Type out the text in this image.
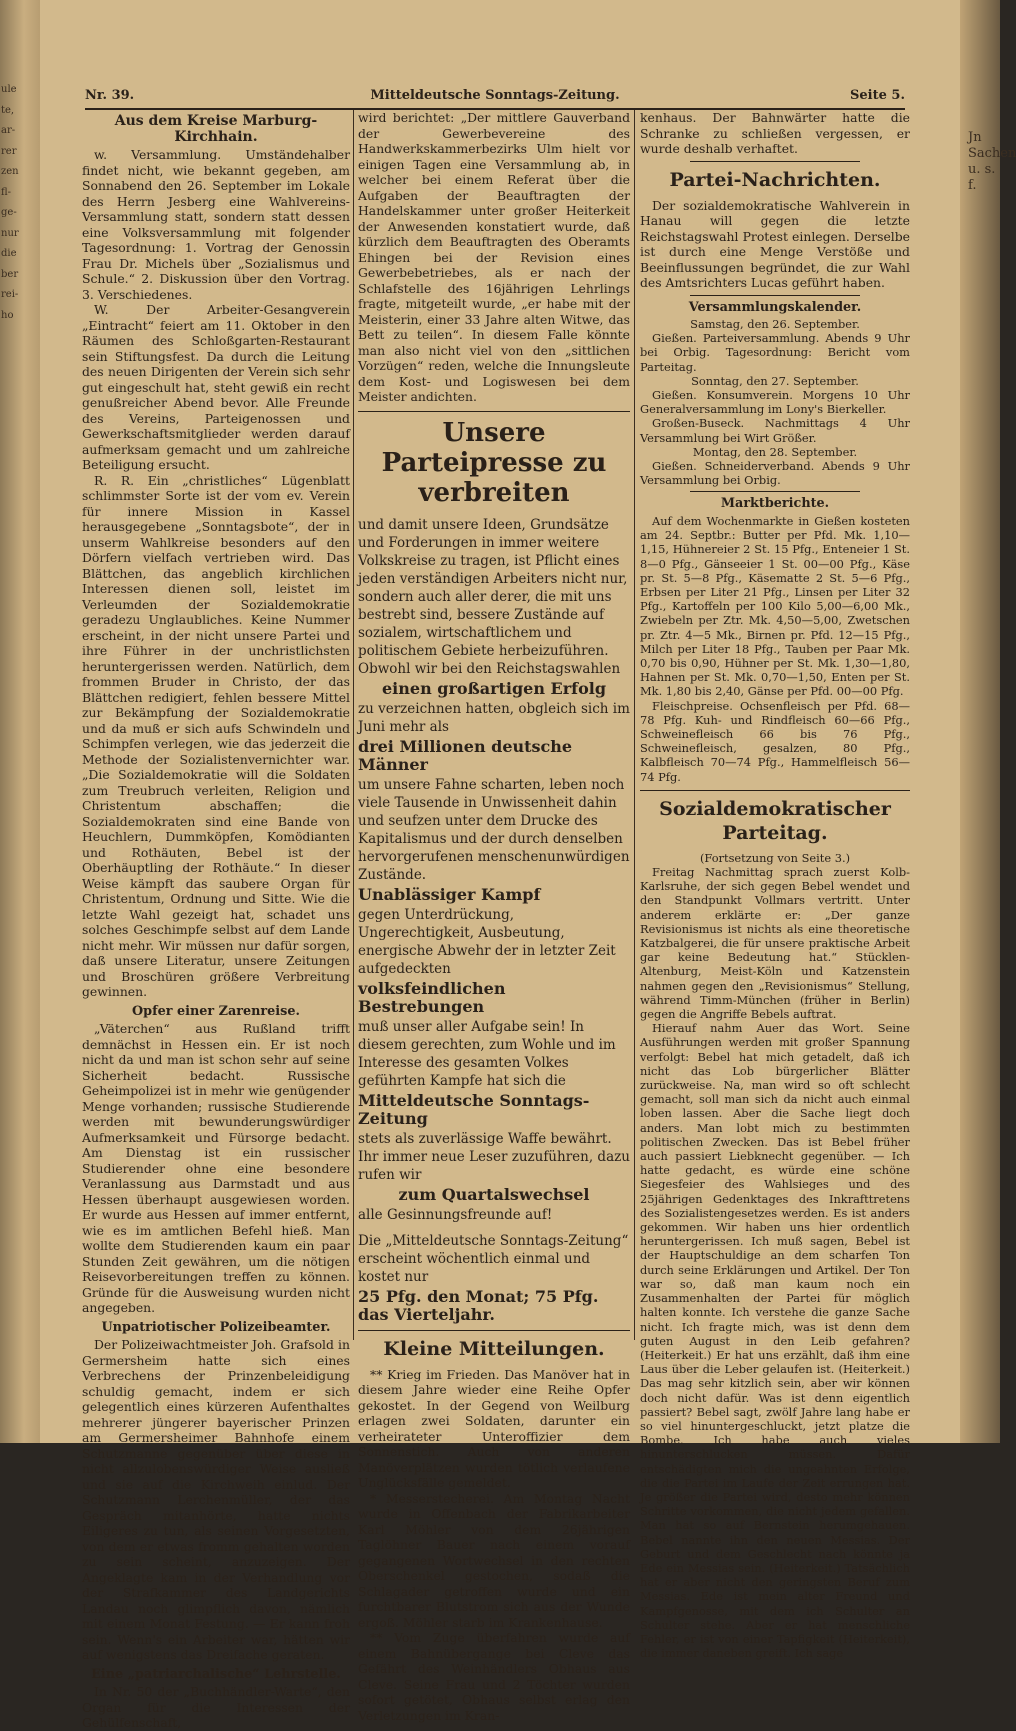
ule
te,
ar-
rer
zen
fl-
ge-
nur
die
ber
rei-
ho
Jn Sachen u. s. f.
Nr. 39.	Mitteldeutsche Sonntags-Zeitung.	Seite 5.
Aus dem Kreise Marburg-Kirchhain.

w. Versammlung. Umständehalber findet nicht, wie bekannt gegeben, am Sonnabend den 26. September im Lokale des Herrn Jesberg eine Wahlvereins-Versammlung statt, sondern statt dessen eine Volksversammlung mit folgender Tagesordnung: 1. Vortrag der Genossin Frau Dr. Michels über „Sozialismus und Schule.“ 2. Diskussion über den Vortrag. 3. Verschiedenes.

W. Der Arbeiter-Gesangverein „Eintracht“ feiert am 11. Oktober in den Räumen des Schloßgarten-Restaurant sein Stiftungsfest. Da durch die Leitung des neuen Dirigenten der Verein sich sehr gut eingeschult hat, steht gewiß ein recht genußreicher Abend bevor. Alle Freunde des Vereins, Parteigenossen und Gewerkschaftsmitglieder werden darauf aufmerksam gemacht und um zahlreiche Beteiligung ersucht.

R. R. Ein „christliches“ Lügenblatt schlimmster Sorte ist der vom ev. Verein für innere Mission in Kassel herausgegebene „Sonntagsbote“, der in unserm Wahlkreise besonders auf den Dörfern vielfach vertrieben wird. Das Blättchen, das angeblich kirchlichen Interessen dienen soll, leistet im Verleumden der Sozialdemokratie geradezu Unglaubliches. Keine Nummer erscheint, in der nicht unsere Partei und ihre Führer in der unchristlichsten heruntergerissen werden. Natürlich, dem frommen Bruder in Christo, der das Blättchen redigiert, fehlen bessere Mittel zur Bekämpfung der Sozialdemokratie und da muß er sich aufs Schwindeln und Schimpfen verlegen, wie das jederzeit die Methode der Sozialistenvernichter war. „Die Sozialdemokratie will die Soldaten zum Treubruch verleiten, Religion und Christentum abschaffen; die Sozialdemokraten sind eine Bande von Heuchlern, Dummköpfen, Komödianten und Rothäuten, Bebel ist der Oberhäuptling der Rothäute.“ In dieser Weise kämpft das saubere Organ für Christentum, Ordnung und Sitte. Wie die letzte Wahl gezeigt hat, schadet uns solches Geschimpfe selbst auf dem Lande nicht mehr. Wir müssen nur dafür sorgen, daß unsere Literatur, unsere Zeitungen und Broschüren größere Verbreitung gewinnen.

Opfer einer Zarenreise.

„Väterchen“ aus Rußland trifft demnächst in Hessen ein. Er ist noch nicht da und man ist schon sehr auf seine Sicherheit bedacht. Russische Geheimpolizei ist in mehr wie genügender Menge vorhanden; russische Studierende werden mit bewunderungswürdiger Aufmerksamkeit und Fürsorge bedacht. Am Dienstag ist ein russischer Studierender ohne eine besondere Veranlassung aus Darmstadt und aus Hessen überhaupt ausgewiesen worden. Er wurde aus Hessen auf immer entfernt, wie es im amtlichen Befehl hieß. Man wollte dem Studierenden kaum ein paar Stunden Zeit gewähren, um die nötigen Reisevorbereitungen treffen zu können. Gründe für die Ausweisung wurden nicht angegeben.

Unpatriotischer Polizeibeamter.

Der Polizeiwachtmeister Joh. Grafsold in Germersheim hatte sich eines Verbrechens der Prinzenbeleidigung schuldig gemacht, indem er sich gelegentlich eines kürzeren Aufenthaltes mehrerer jüngerer bayerischer Prinzen am Germersheimer Bahnhofe einem Schutzmanne gegenüber über diese in nicht allzulobenswürdiger Weise ausließ und sie auf die Kirchweih einlud. Der Schutzmann Lerchenmüller, der das Gespräch mitanhörte, hatte nichts Eiligeres zu tun, als seinen Vorgesetzten, von dem er etwas fromm gehalten worden zu sein scheint, anzuzeigen. Der Angeklagte kam in der Verhandlung vor der Strafkammer des Landgerichts Landau noch glimpflich davon, nämlich mit einem Monat Festung. — Er kann froh sein. Wenn's ein Arbeiter war, hätten wir auf wenigstens das Dreifache geraten.

Eine „patriarchalische“ Lehrstelle.

In Nr. 50 der „Buchhändler-Warte“, den Organ für die Interessen der Gehülfenschaft,

wird berichtet: „Der mittlere Gauverband der Gewerbevereine des Handwerkskammerbezirks Ulm hielt vor einigen Tagen eine Versammlung ab, in welcher bei einem Referat über die Aufgaben der Beauftragten der Handelskammer unter großer Heiterkeit der Anwesenden konstatiert wurde, daß kürzlich dem Beauftragten des Oberamts Ehingen bei der Revision eines Gewerbebetriebes, als er nach der Schlafstelle des 16jährigen Lehrlings fragte, mitgeteilt wurde, „er habe mit der Meisterin, einer 33 Jahre alten Witwe, das Bett zu teilen“. In diesem Falle könnte man also nicht viel von den „sittlichen Vorzügen“ reden, welche die Innungsleute dem Kost- und Logiswesen bei dem Meister andichten.

Unsere Parteipresse zu verbreiten
und damit unsere Ideen, Grundsätze und Forderungen in immer weitere Volkskreise zu tragen, ist Pflicht eines jeden verständigen Arbeiters nicht nur, sondern auch aller derer, die mit uns bestrebt sind, bessere Zustände auf sozialem, wirtschaftlichem und politischem Gebiete herbeizuführen. Obwohl wir bei den Reichstagswahlen
einen großartigen Erfolg
zu verzeichnen hatten, obgleich sich im Juni mehr als
drei Millionen deutsche Männer
um unsere Fahne scharten, leben noch viele Tausende in Unwissenheit dahin und seufzen unter dem Drucke des Kapitalismus und der durch denselben hervorgerufenen menschenunwürdigen Zustände.
Unablässiger Kampf
gegen Unterdrückung, Ungerechtigkeit, Ausbeutung, energische Abwehr der in letzter Zeit aufgedeckten
volksfeindlichen Bestrebungen
muß unser aller Aufgabe sein! In diesem gerechten, zum Wohle und im Interesse des gesamten Volkes geführten Kampfe hat sich die
Mitteldeutsche Sonntags-Zeitung
stets als zuverlässige Waffe bewährt. Ihr immer neue Leser zuzuführen, dazu rufen wir
zum Quartalswechsel
alle Gesinnungsfreunde auf!
Die „Mitteldeutsche Sonntags-Zeitung“ erscheint wöchentlich einmal und kostet nur
25 Pfg. den Monat; 75 Pfg. das Vierteljahr.
Kleine Mitteilungen.

** Krieg im Frieden. Das Manöver hat in diesem Jahre wieder eine Reihe Opfer gekostet. In der Gegend von Weilburg erlagen zwei Soldaten, darunter ein verheirateter Unteroffizier dem Sonnenstich. Auch von anderen Manöverplätzen wurden tötlich verlaufene Unglücksfälle gemeldet.

* Messerstecherei. Am Montag Nacht wurde in Offenbach der Fabrikarbeiter Karl Möhler von dem 26jährigen Taglöhner Bauer nach einem vorauf gegangenen Wortwechsel in den rechten Oberschenkel gestochen, sodaß die Schlagader getroffen wurde und ein furchtbarer Blutstrom sich aus der Wunde ergoß. Möhler starb im Krankenhause.

** Vom Zuge überfahren wurde auf einem Bahnübergange bei Cleve das Gefährt des Weinhändlers Obhaus aus Cleve. Seine Frau und 2 Töchter wurden sofort getötet, Obhaus selbst erlag den Verletzungen im Kran-

kenhaus. Der Bahnwärter hatte die Schranke zu schließen vergessen, er wurde deshalb verhaftet.

Partei-Nachrichten.

Der sozialdemokratische Wahlverein in Hanau will gegen die letzte Reichstagswahl Protest einlegen. Derselbe ist durch eine Menge Verstöße und Beeinflussungen begründet, die zur Wahl des Amtsrichters Lucas geführt haben.

Versammlungskalender.

Samstag, den 26. September.

Gießen. Parteiversammlung. Abends 9 Uhr bei Orbig. Tagesordnung: Bericht vom Parteitag.

Sonntag, den 27. September.

Gießen. Konsumverein. Morgens 10 Uhr Generalversammlung im Lony's Bierkeller.

Großen-Buseck. Nachmittags 4 Uhr Versammlung bei Wirt Größer.

Montag, den 28. September.

Gießen. Schneiderverband. Abends 9 Uhr Versammlung bei Orbig.

Marktberichte.

Auf dem Wochenmarkte in Gießen kosteten am 24. Septbr.: Butter per Pfd. Mk. 1,10—1,15, Hühnereier 2 St. 15 Pfg., Enteneier 1 St. 8—0 Pfg., Gänseeier 1 St. 00—00 Pfg., Käse pr. St. 5—8 Pfg., Käsematte 2 St. 5—6 Pfg., Erbsen per Liter 21 Pfg., Linsen per Liter 32 Pfg., Kartoffeln per 100 Kilo 5,00—6,00 Mk., Zwiebeln per Ztr. Mk. 4,50—5,00, Zwetschen pr. Ztr. 4—5 Mk., Birnen pr. Pfd. 12—15 Pfg., Milch per Liter 18 Pfg., Tauben per Paar Mk. 0,70 bis 0,90, Hühner per St. Mk. 1,30—1,80, Hahnen per St. Mk. 0,70—1,50, Enten per St. Mk. 1,80 bis 2,40, Gänse per Pfd. 00—00 Pfg.

Fleischpreise. Ochsenfleisch per Pfd. 68—78 Pfg. Kuh- und Rindfleisch 60—66 Pfg., Schweinefleisch 66 bis 76 Pfg., Schweinefleisch, gesalzen, 80 Pfg., Kalbfleisch 70—74 Pfg., Hammelfleisch 56—74 Pfg.

Sozialdemokratischer Parteitag.

(Fortsetzung von Seite 3.)

Freitag Nachmittag sprach zuerst Kolb-Karlsruhe, der sich gegen Bebel wendet und den Standpunkt Vollmars vertritt. Unter anderem erklärte er: „Der ganze Revisionismus ist nichts als eine theoretische Katzbalgerei, die für unsere praktische Arbeit gar keine Bedeutung hat.“ Stücklen-Altenburg, Meist-Köln und Katzenstein nahmen gegen den „Revisionismus“ Stellung, während Timm-München (früher in Berlin) gegen die Angriffe Bebels auftrat.

Hierauf nahm Auer das Wort. Seine Ausführungen werden mit großer Spannung verfolgt: Bebel hat mich getadelt, daß ich nicht das Lob bürgerlicher Blätter zurückweise. Na, man wird so oft schlecht gemacht, soll man sich da nicht auch einmal loben lassen. Aber die Sache liegt doch anders. Man lobt mich zu bestimmten politischen Zwecken. Das ist Bebel früher auch passiert Liebknecht gegenüber. — Ich hatte gedacht, es würde eine schöne Siegesfeier des Wahlsieges und des 25jährigen Gedenktages des Inkrafttretens des Sozialistengesetzes werden. Es ist anders gekommen. Wir haben uns hier ordentlich heruntergerissen. Ich muß sagen, Bebel ist der Hauptschuldige an dem scharfen Ton durch seine Erklärungen und Artikel. Der Ton war so, daß man kaum noch ein Zusammenhalten der Partei für möglich halten konnte. Ich verstehe die ganze Sache nicht. Ich fragte mich, was ist denn dem guten August in den Leib gefahren? (Heiterkeit.) Er hat uns erzählt, daß ihm eine Laus über die Leber gelaufen ist. (Heiterkeit.) Das mag sehr kitzlich sein, aber wir können doch nicht dafür. Was ist denn eigentlich passiert? Bebel sagt, zwölf Jahre lang habe er so viel hinuntergeschluckt, jetzt platze die Bombe. Ich habe auch vieles hinunterschlucken müssen. Dafür entschädigten mich die ungeahnten Erfolge, die die Partei im Laufe der Zeit errungen hat. Je größer die Partei wird, desto mehr können Schritte vorkommen, die nicht jedem gefallen. Man hat so auf Bernstein herumgehauen. Bebel nannte ihn den neuen Messias. Der Geburt und dem Geschlecht nach könnte ja Ede ein Messias sein. (Heiterkeit.) Tatsächlich hat er aber nicht den geringsten Beruf zum Messias. Ede ist mein alter Freund und Kampfgenosse, mit dem ich Schulter an Schulter stehe. Aber er hat menschliche Fehler, er ist von einer Tapfigkeit (Heiterkeit), die immer daneben greift. Ich sage
